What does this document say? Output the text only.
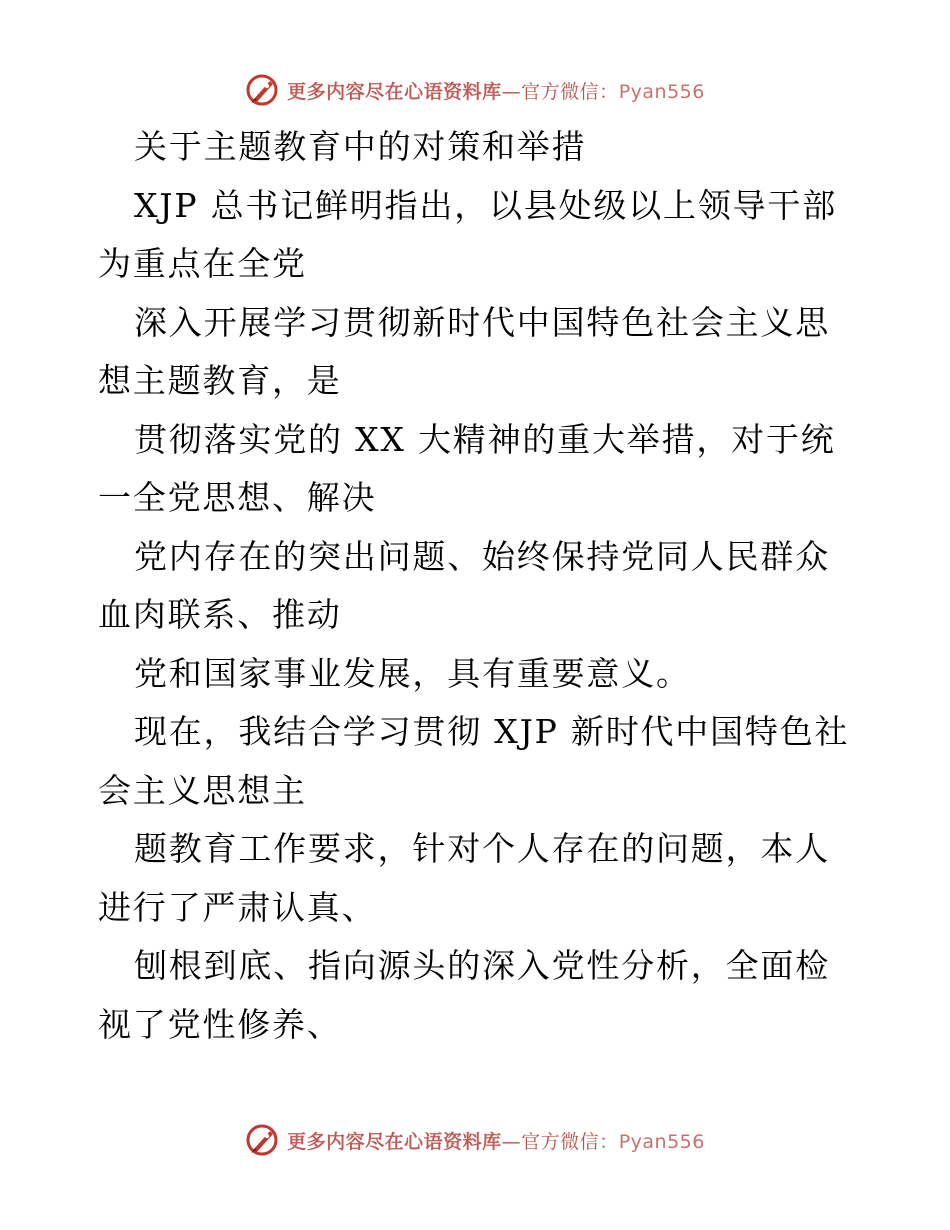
更多内容尽在心语资料库—官方微信：Pyan556

关于主题教育中的对策和举措

XJP 总书记鲜明指出，以县处级以上领导干部为重点在全党

深入开展学习贯彻新时代中国特色社会主义思想主题教育，是

贯彻落实党的 XX 大精神的重大举措，对于统一全党思想、解决

党内存在的突出问题、始终保持党同人民群众血肉联系、推动

党和国家事业发展，具有重要意义。

现在，我结合学习贯彻 XJP 新时代中国特色社会主义思想主

题教育工作要求，针对个人存在的问题，本人进行了严肃认真、

刨根到底、指向源头的深入党性分析，全面检视了党性修养、

更多内容尽在心语资料库—官方微信：Pyan556
